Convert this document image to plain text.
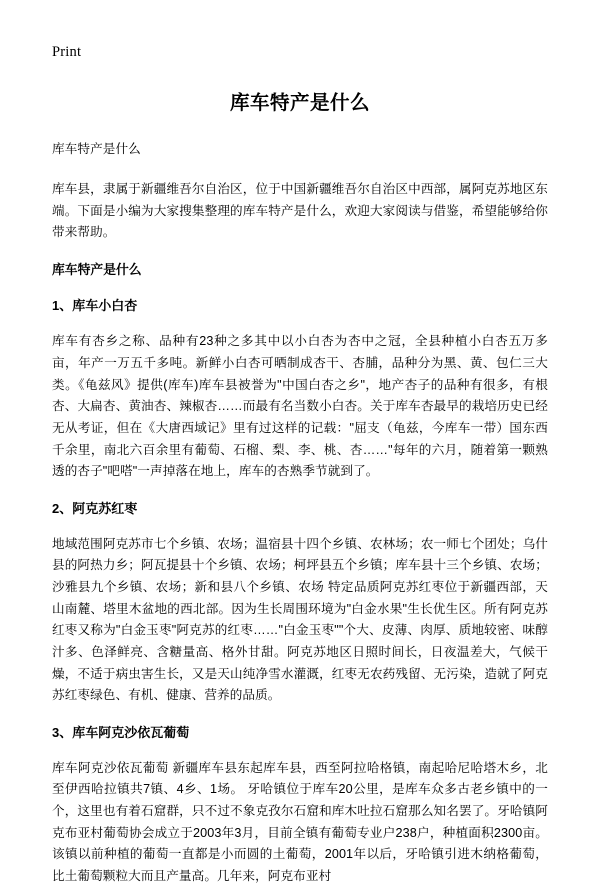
Print
库车特产是什么

库车特产是什么

库车县，隶属于新疆维吾尔自治区，位于中国新疆维吾尔自治区中西部，属阿克苏地区东端。下面是小编为大家搜集整理的库车特产是什么，欢迎大家阅读与借鉴，希望能够给你带来帮助。

库车特产是什么
1、库车小白杏

库车有杏乡之称、品种有23种之多其中以小白杏为杏中之冠，全县种植小白杏五万多亩，年产一万五千多吨。新鲜小白杏可晒制成杏干、杏脯，品种分为黑、黄、包仁三大类。《龟兹风》提供(库车)库车县被誉为"中国白杏之乡"，地产杏子的品种有很多，有根杏、大扁杏、黄油杏、辣椒杏……而最有名当数小白杏。关于库车杏最早的栽培历史已经无从考证，但在《大唐西域记》里有过这样的记载："屈支（龟兹，今库车一带）国东西千余里，南北六百余里有葡萄、石榴、梨、李、桃、杏……"每年的六月，随着第一颗熟透的杏子"吧嗒"一声掉落在地上，库车的杏熟季节就到了。

2、阿克苏红枣

地域范围阿克苏市七个乡镇、农场；温宿县十四个乡镇、农林场；农一师七个团处；乌什县的阿热力乡；阿瓦提县十个乡镇、农场；柯坪县五个乡镇；库车县十三个乡镇、农场；沙雅县九个乡镇、农场；新和县八个乡镇、农场 特定品质阿克苏红枣位于新疆西部，天山南麓、塔里木盆地的西北部。因为生长周围环境为"白金水果"生长优生区。所有阿克苏红枣又称为"白金玉枣"阿克苏的红枣……"白金玉枣""个大、皮薄、肉厚、质地较密、味醇汁多、色泽鲜亮、含糖量高、格外甘甜。阿克苏地区日照时间长，日夜温差大，气候干燥，不适于病虫害生长，又是天山纯净雪水灌溉，红枣无农药残留、无污染，造就了阿克苏红枣绿色、有机、健康、营养的品质。

3、库车阿克沙依瓦葡萄

库车阿克沙依瓦葡萄 新疆库车县东起库车县，西至阿拉哈格镇，南起哈尼哈塔木乡，北至伊西哈拉镇共7镇、4乡、1场。 牙哈镇位于库车20公里，是库车众多古老乡镇中的一个，这里也有着石窟群，只不过不象克孜尔石窟和库木吐拉石窟那么知名罢了。牙哈镇阿克布亚村葡萄协会成立于2003年3月，目前全镇有葡萄专业户238户，种植面积2300亩。该镇以前种植的葡萄一直都是小而圆的土葡萄，2001年以后，牙哈镇引进木纳格葡萄，比土葡萄颗粒大而且产量高。几年来，阿克布亚村
